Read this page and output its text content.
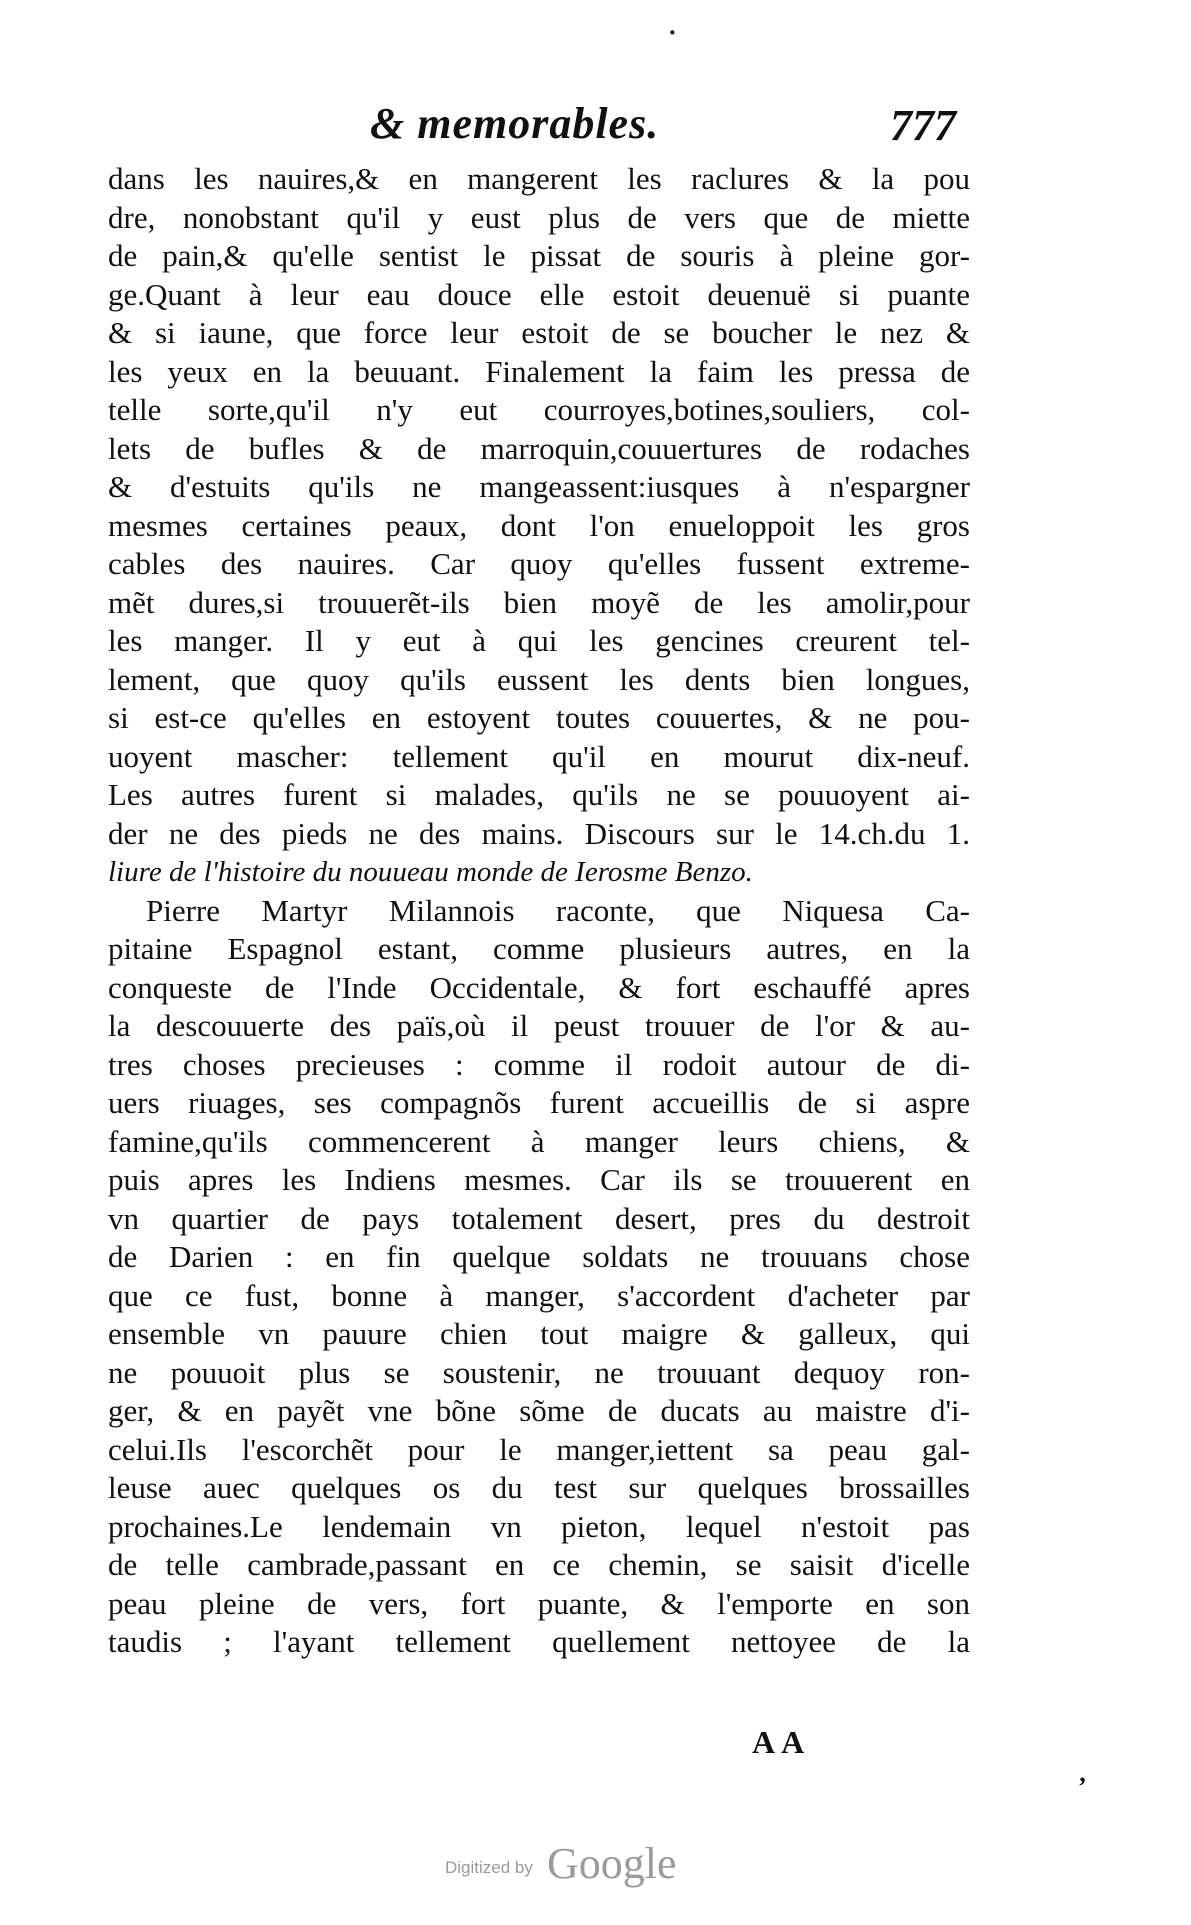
& memorables.	777
·
dans les nauires,& en mangerent les raclures & la pou
dre, nonobstant qu'il y eust plus de vers que de miette
de pain,& qu'elle sentist le pissat de souris à pleine gor-
ge.Quant à leur eau douce elle estoit deuenuë si puante
& si iaune, que force leur estoit de se boucher le nez &
les yeux en la beuuant. Finalement la faim les pressa de
telle sorte,qu'il n'y eut courroyes,botines,souliers, col-
lets de bufles & de marroquin,couuertures de rodaches
& d'estuits qu'ils ne mangeassent:iusques à n'espargner
mesmes certaines peaux, dont l'on enueloppoit les gros
cables des nauires. Car quoy qu'elles fussent extreme-
mẽt dures,si trouuerẽt-ils bien moyẽ de les amolir,pour
les manger. Il y eut à qui les gencines creurent tel-
lement, que quoy qu'ils eussent les dents bien longues,
si est-ce qu'elles en estoyent toutes couuertes, & ne pou-
uoyent mascher: tellement qu'il en mourut dix-neuf.
Les autres furent si malades, qu'ils ne se pouuoyent ai-
der ne des pieds ne des mains. Discours sur le 14.ch.du 1.
liure de l'histoire du nouueau monde de Ierosme Benzo.
Pierre Martyr Milannois raconte, que Niquesa Ca-
pitaine Espagnol estant, comme plusieurs autres, en la
conqueste de l'Inde Occidentale, & fort eschauffé apres
la descouuerte des païs,où il peust trouuer de l'or & au-
tres choses precieuses : comme il rodoit autour de di-
uers riuages, ses compagnõs furent accueillis de si aspre
famine,qu'ils commencerent à manger leurs chiens, &
puis apres les Indiens mesmes. Car ils se trouuerent en
vn quartier de pays totalement desert, pres du destroit
de Darien : en fin quelque soldats ne trouuans chose
que ce fust, bonne à manger, s'accordent d'acheter par
ensemble vn pauure chien tout maigre & galleux, qui
ne pouuoit plus se soustenir, ne trouuant dequoy ron-
ger, & en payẽt vne bõne sõme de ducats au maistre d'i-
celui.Ils l'escorchẽt pour le manger,iettent sa peau gal-
leuse auec quelques os du test sur quelques brossailles
prochaines.Le lendemain vn pieton, lequel n'estoit pas
de telle cambrade,passant en ce chemin, se saisit d'icelle
peau pleine de vers, fort puante, & l'emporte en son
taudis ; l'ayant tellement quellement nettoyee de la
AA
ʼ
Digitized by Google
